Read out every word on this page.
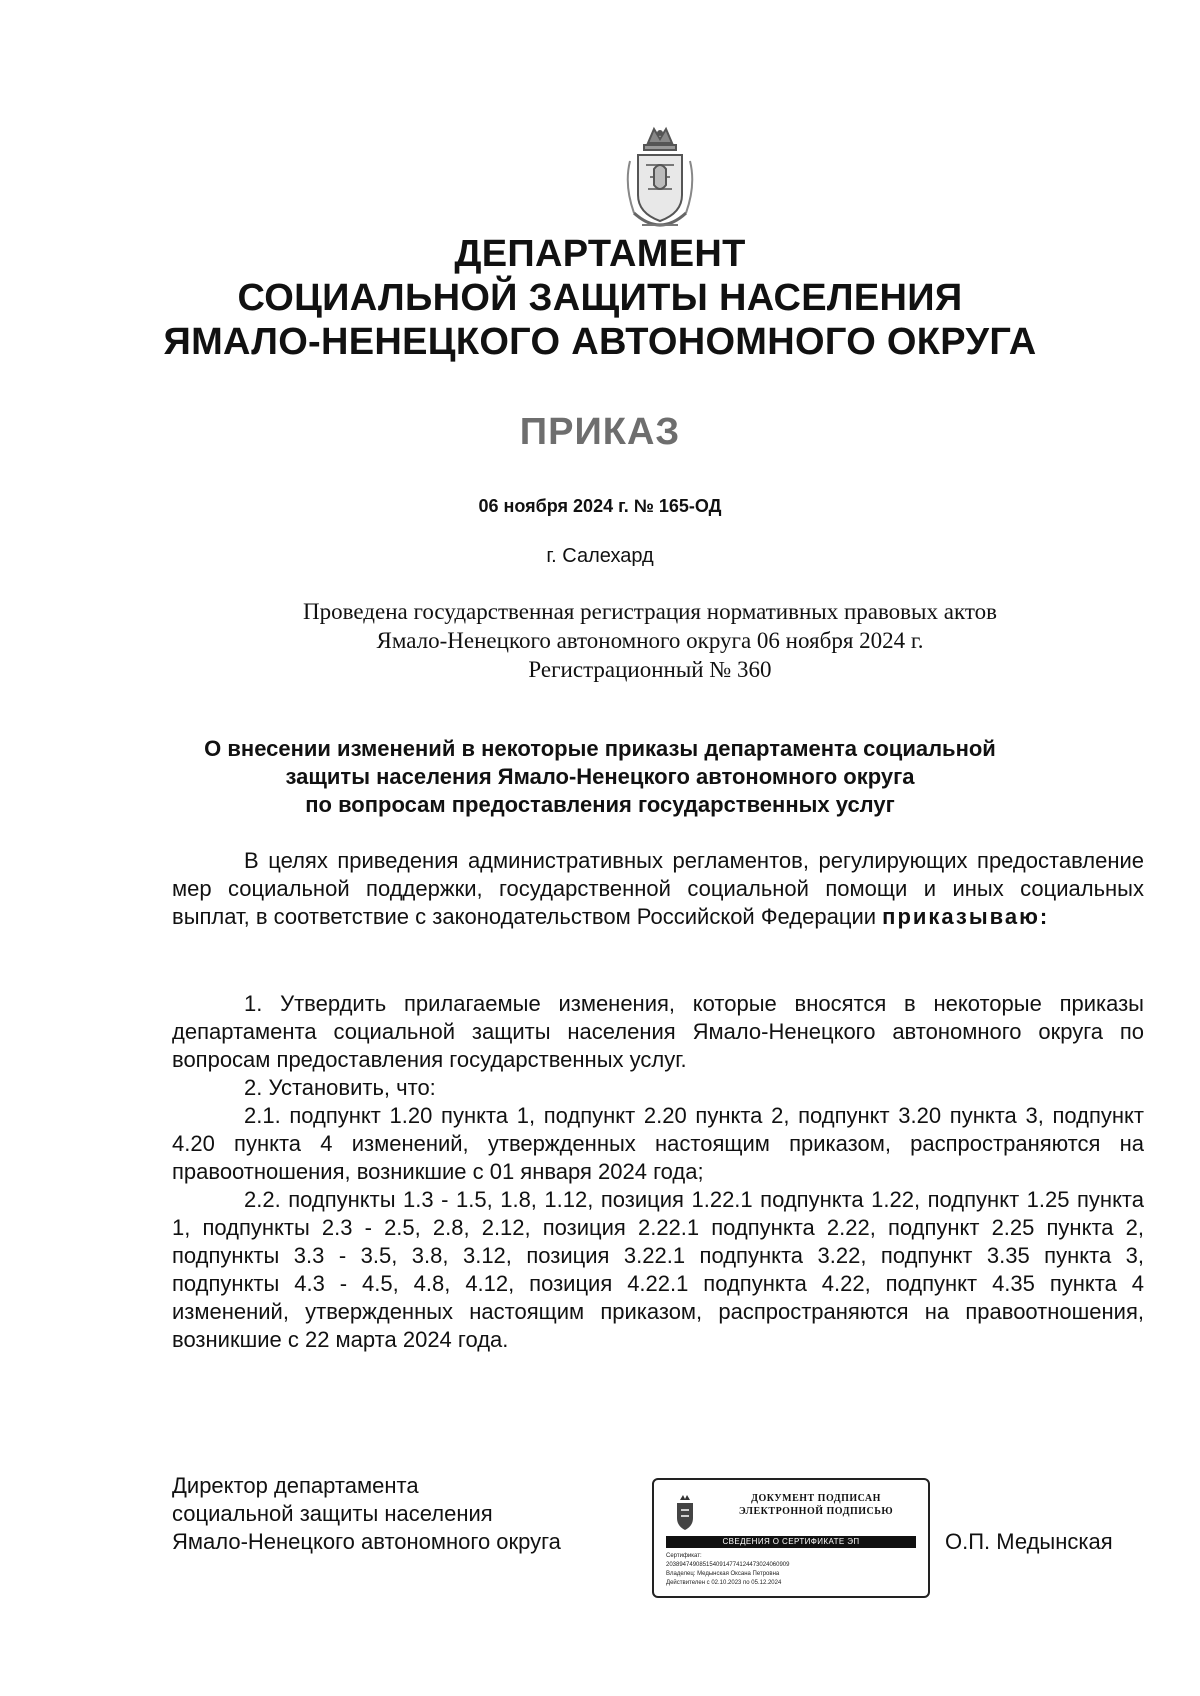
ДЕПАРТАМЕНТ
СОЦИАЛЬНОЙ ЗАЩИТЫ НАСЕЛЕНИЯ
ЯМАЛО-НЕНЕЦКОГО АВТОНОМНОГО ОКРУГА
ПРИКАЗ
06 ноября 2024 г. № 165-ОД
г. Салехард
Проведена государственная регистрация нормативных правовых актов
Ямало-Ненецкого автономного округа 06 ноября 2024 г.
Регистрационный № 360
О внесении изменений в некоторые приказы департамента социальной
защиты населения Ямало-Ненецкого автономного округа
по вопросам предоставления государственных услуг

В целях приведения административных регламентов, регулирующих предоставление мер социальной поддержки, государственной социальной помощи и иных социальных выплат, в соответствие с законодательством Российской Федерации приказываю:

1. Утвердить прилагаемые изменения, которые вносятся в некоторые приказы департамента социальной защиты населения Ямало-Ненецкого автономного округа по вопросам предоставления государственных услуг.

2. Установить, что:

2.1. подпункт 1.20 пункта 1, подпункт 2.20 пункта 2, подпункт 3.20 пункта 3, подпункт 4.20 пункта 4 изменений, утвержденных настоящим приказом, распространяются на правоотношения, возникшие с 01 января 2024 года;

2.2. подпункты 1.3 - 1.5, 1.8, 1.12, позиция 1.22.1 подпункта 1.22, подпункт 1.25 пункта 1, подпункты 2.3 - 2.5, 2.8, 2.12, позиция 2.22.1 подпункта 2.22, подпункт 2.25 пункта 2, подпункты 3.3 - 3.5, 3.8, 3.12, позиция 3.22.1 подпункта 3.22, подпункт 3.35 пункта 3, подпункты 4.3 - 4.5, 4.8, 4.12, позиция 4.22.1 подпункта 4.22, подпункт 4.35 пункта 4 изменений, утвержденных настоящим приказом, распространяются на правоотношения, возникшие с 22 марта 2024 года.

Директор департамента
социальной защиты населения
Ямало-Ненецкого автономного округа
ДОКУМЕНТ ПОДПИСАН
ЭЛЕКТРОННОЙ ПОДПИСЬЮ
СВЕДЕНИЯ О СЕРТИФИКАТЕ ЭП
Сертификат:
2038947490851540914774124473024060909
Владелец: Медынская Оксана Петровна
Действителен с 02.10.2023 по 05.12.2024
О.П. Медынская
